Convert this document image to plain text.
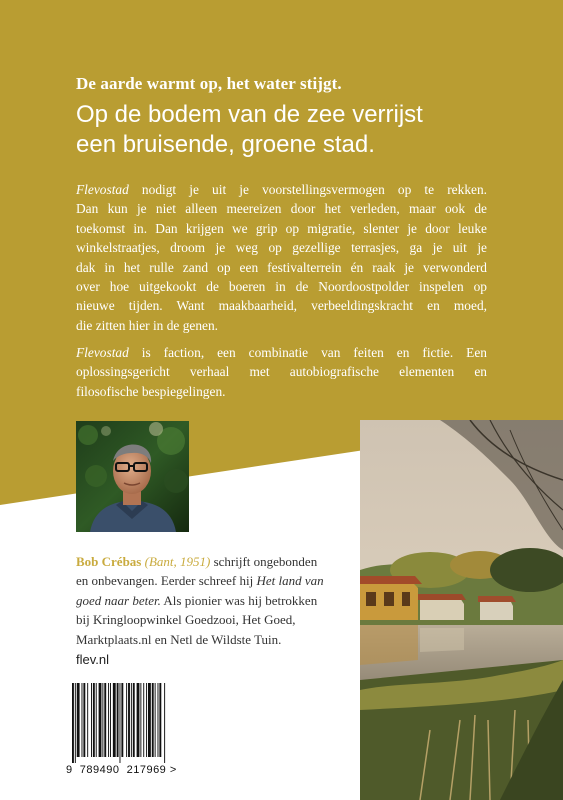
De aarde warmt op, het water stijgt.
Op de bodem van de zee verrijst
een bruisende, groene stad.
Flevostad nodigt je uit je voorstellingsvermogen op te rekken.
Dan kun je niet alleen meereizen door het verleden, maar ook de
toekomst in. Dan krijgen we grip op migratie, slenter je door leuke
winkelstraatjes, droom je weg op gezellige terrasjes, ga je uit je
dak in het rulle zand op een festivalterrein én raak je verwonderd
over hoe uitgekookt de boeren in de Noordoostpolder inspelen op
nieuwe tijden. Want maakbaarheid, verbeeldingskracht en moed,
die zitten hier in de genen.
Flevostad is faction, een combinatie van feiten en fictie. Een
oplossingsgericht verhaal met autobiografische elementen en
filosofische bespiegelingen.
Bob Crébas (Bant, 1951) schrijft ongebonden
en onbevangen. Eerder schreef hij Het land van
goed naar beter. Als pionier was hij betrokken
bij Kringloopwinkel Goedzooi, Het Goed,
Marktplaats.nl en Netl de Wildste Tuin.
flev.nl
9 789490 217969 >
